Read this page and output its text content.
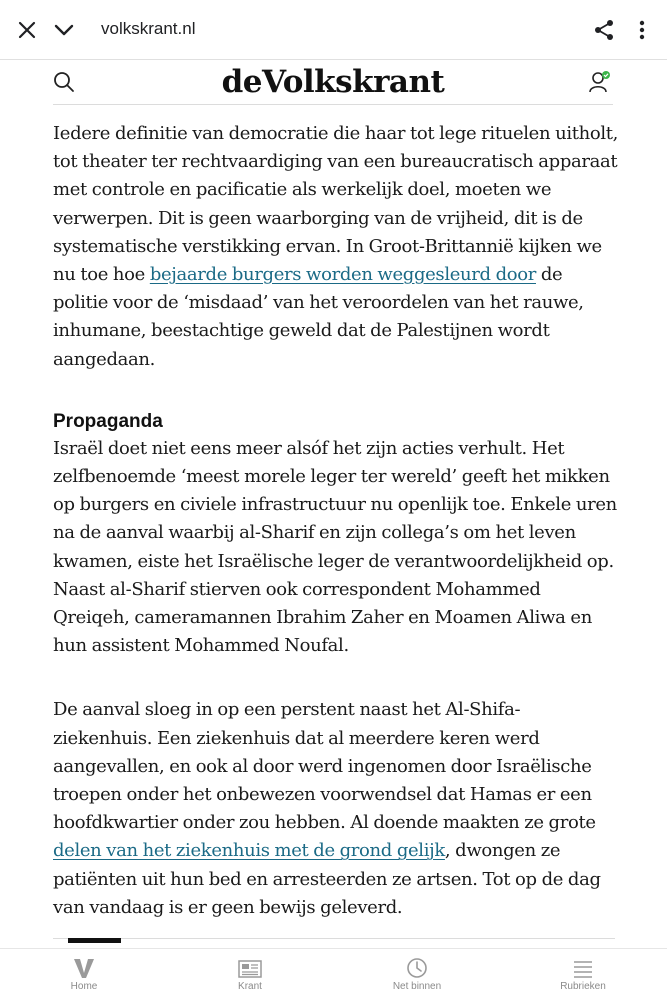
volkskrant.nl
deVolkskrant

Iedere definitie van democratie die haar tot lege rituelen uitholt, tot theater ter rechtvaardiging van een bureaucratisch apparaat met controle en pacificatie als werkelijk doel, moeten we verwerpen. Dit is geen waarborging van de vrijheid, dit is de systematische verstikking ervan. In Groot-Brittannië kijken we nu toe hoe bejaarde burgers worden weggesleurd door de politie voor de ‘misdaad’ van het veroordelen van het rauwe, inhumane, beestachtige geweld dat de Palestijnen wordt aangedaan.

Propaganda

Israël doet niet eens meer alsóf het zijn acties verhult. Het zelfbenoemde ‘meest morele leger ter wereld’ geeft het mikken op burgers en civiele infrastructuur nu openlijk toe. Enkele uren na de aanval waarbij al-Sharif en zijn collega’s om het leven kwamen, eiste het Israëlische leger de verantwoordelijkheid op. Naast al-Sharif stierven ook correspondent Mohammed Qreiqeh, cameramannen Ibrahim Zaher en Moamen Aliwa en hun assistent Mohammed Noufal.

De aanval sloeg in op een perstent naast het Al-Shifa-ziekenhuis. Een ziekenhuis dat al meerdere keren werd aangevallen, en ook al door werd ingenomen door Israëlische troepen onder het onbewezen voorwendsel dat Hamas er een hoofdkwartier onder zou hebben. Al doende maakten ze grote delen van het ziekenhuis met de grond gelijk, dwongen ze patiënten uit hun bed en arresteerden ze artsen. Tot op de dag van vandaag is er geen bewijs geleverd.

Home	Krant	Net binnen	Rubrieken
